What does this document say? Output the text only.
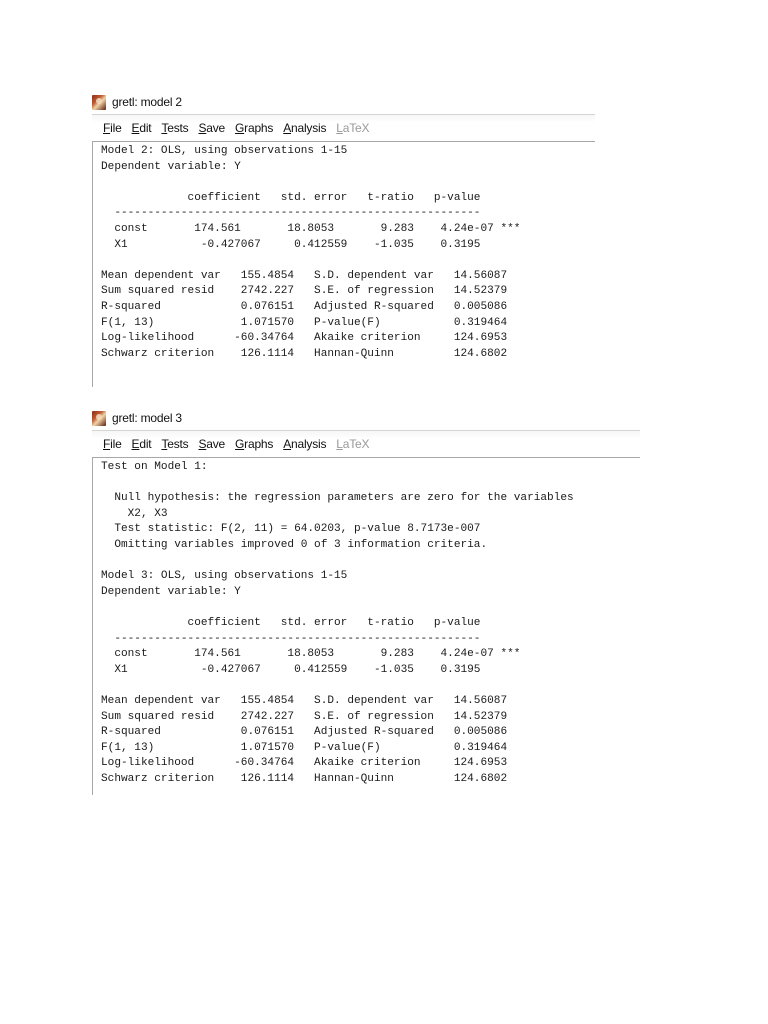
gretl: model 2
File Edit Tests Save Graphs Analysis LaTeX
Model 2: OLS, using observations 1-15
Dependent variable: Y

coefficient   std. error   t-ratio   p-value
-------------------------------------------------------
const       174.561       18.8053       9.283    4.24e-07 ***
X1           -0.427067     0.412559    -1.035    0.3195

Mean dependent var   155.4854   S.D. dependent var   14.56087
Sum squared resid    2742.227   S.E. of regression   14.52379
R-squared            0.076151   Adjusted R-squared   0.005086
F(1, 13)             1.071570   P-value(F)           0.319464
Log-likelihood      -60.34764   Akaike criterion     124.6953
Schwarz criterion    126.1114   Hannan-Quinn         124.6802
gretl: model 3
File Edit Tests Save Graphs Analysis LaTeX
Test on Model 1:

Null hypothesis: the regression parameters are zero for the variables
X2, X3
Test statistic: F(2, 11) = 64.0203, p-value 8.7173e-007
Omitting variables improved 0 of 3 information criteria.

Model 3: OLS, using observations 1-15
Dependent variable: Y

coefficient   std. error   t-ratio   p-value
-------------------------------------------------------
const       174.561       18.8053       9.283    4.24e-07 ***
X1           -0.427067     0.412559    -1.035    0.3195

Mean dependent var   155.4854   S.D. dependent var   14.56087
Sum squared resid    2742.227   S.E. of regression   14.52379
R-squared            0.076151   Adjusted R-squared   0.005086
F(1, 13)             1.071570   P-value(F)           0.319464
Log-likelihood      -60.34764   Akaike criterion     124.6953
Schwarz criterion    126.1114   Hannan-Quinn         124.6802
